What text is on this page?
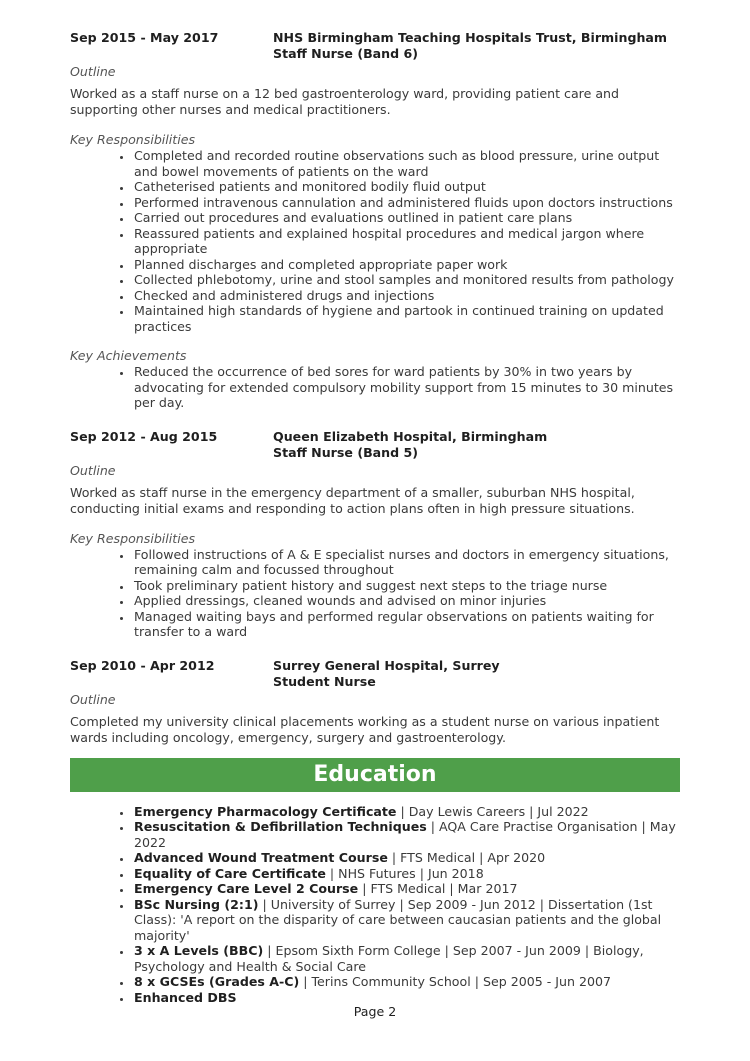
Sep 2015 - May 2017	NHS Birmingham Teaching Hospitals Trust, Birmingham
Staff Nurse (Band 6)
Outline
Worked as a staff nurse on a 12 bed gastroenterology ward, providing patient care and supporting other nurses and medical practitioners.
Key Responsibilities
• Completed and recorded routine observations such as blood pressure, urine output and bowel movements of patients on the ward
• Catheterised patients and monitored bodily fluid output
• Performed intravenous cannulation and administered fluids upon doctors instructions
• Carried out procedures and evaluations outlined in patient care plans
• Reassured patients and explained hospital procedures and medical jargon where appropriate
• Planned discharges and completed appropriate paper work
• Collected phlebotomy, urine and stool samples and monitored results from pathology
• Checked and administered drugs and injections
• Maintained high standards of hygiene and partook in continued training on updated practices
Key Achievements
• Reduced the occurrence of bed sores for ward patients by 30% in two years by advocating for extended compulsory mobility support from 15 minutes to 30 minutes per day.
Sep 2012 - Aug 2015	Queen Elizabeth Hospital, Birmingham
Staff Nurse (Band 5)
Outline
Worked as staff nurse in the emergency department of a smaller, suburban NHS hospital, conducting initial exams and responding to action plans often in high pressure situations.
Key Responsibilities
• Followed instructions of A & E specialist nurses and doctors in emergency situations, remaining calm and focussed throughout
• Took preliminary patient history and suggest next steps to the triage nurse
• Applied dressings, cleaned wounds and advised on minor injuries
• Managed waiting bays and performed regular observations on patients waiting for transfer to a ward
Sep 2010 - Apr 2012	Surrey General Hospital, Surrey
Student Nurse
Outline
Completed my university clinical placements working as a student nurse on various inpatient wards including oncology, emergency, surgery and gastroenterology.
Education
• Emergency Pharmacology Certificate | Day Lewis Careers | Jul 2022
• Resuscitation & Defibrillation Techniques | AQA Care Practise Organisation | May 2022
• Advanced Wound Treatment Course | FTS Medical | Apr 2020
• Equality of Care Certificate | NHS Futures | Jun 2018
• Emergency Care Level 2 Course | FTS Medical | Mar 2017
• BSc Nursing (2:1) | University of Surrey | Sep 2009 - Jun 2012 | Dissertation (1st Class): 'A report on the disparity of care between caucasian patients and the global majority'
• 3 x A Levels (BBC) | Epsom Sixth Form College | Sep 2007 - Jun 2009 | Biology, Psychology and Health & Social Care
• 8 x GCSEs (Grades A-C) | Terins Community School | Sep 2005 - Jun 2007
• Enhanced DBS
Page 2
